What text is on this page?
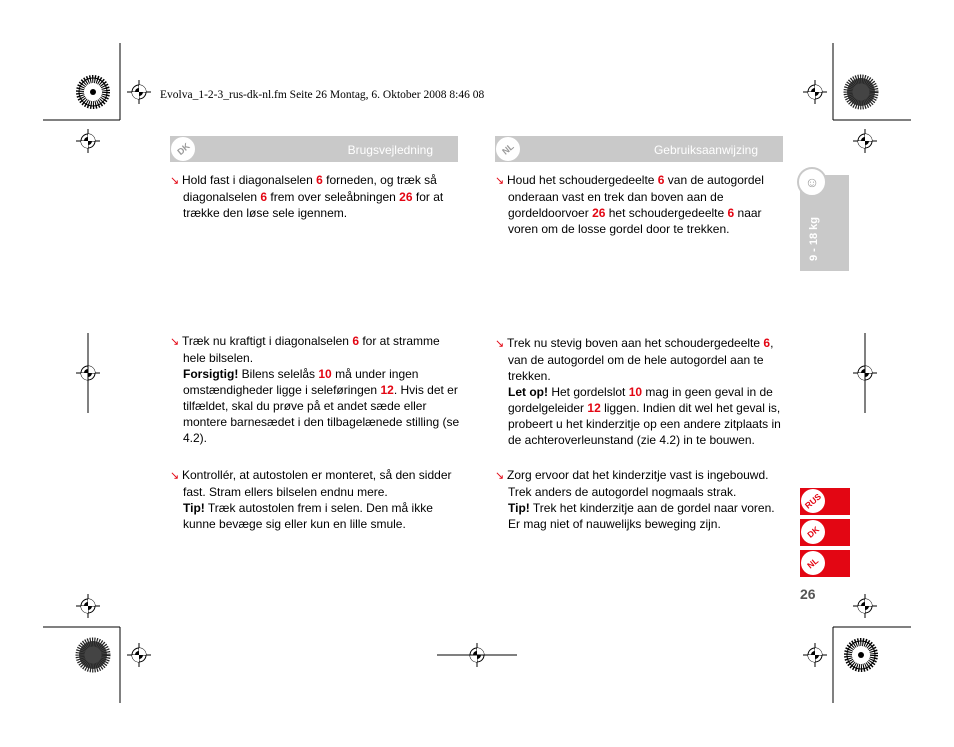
Evolva_1-2-3_rus-dk-nl.fm Seite 26 Montag, 6. Oktober 2008 8:46 08
DK	Brugsvejledning

↘ Hold fast i diagonalselen 6 forneden, og træk så diagonalselen 6 frem over seleåbningen 26 for at trække den løse sele igennem.

↘ Træk nu kraftigt i diagonalselen 6 for at stramme hele bilselen.

Forsigtig! Bilens selelås 10 må under ingen omstændigheder ligge i seleføringen 12. Hvis det er tilfældet, skal du prøve på et andet sæde eller montere barnesædet i den tilbagelænede stilling (se 4.2).

↘ Kontrollér, at autostolen er monteret, så den sidder fast. Stram ellers bilselen endnu mere.

Tip! Træk autostolen frem i selen. Den må ikke kunne bevæge sig eller kun en lille smule.

NL	Gebruiksaanwijzing

↘ Houd het schoudergedeelte 6 van de autogordel onderaan vast en trek dan boven aan de gordeldoorvoer 26 het schoudergedeelte 6 naar voren om de losse gordel door te trekken.

↘ Trek nu stevig boven aan het schoudergedeelte 6, van de autogordel om de hele autogordel aan te trekken.

Let op! Het gordelslot 10 mag in geen geval in de gordelgeleider 12 liggen. Indien dit wel het geval is, probeert u het kinderzitje op een andere zitplaats in de achteroverleunstand (zie 4.2) in te bouwen.

↘ Zorg ervoor dat het kinderzitje vast is ingebouwd. Trek anders de autogordel nogmaals strak.

Tip! Trek het kinderzitje aan de gordel naar voren. Er mag niet of nauwelijks beweging zijn.

☺
9 - 18 kg
RUS
DK
NL
26
